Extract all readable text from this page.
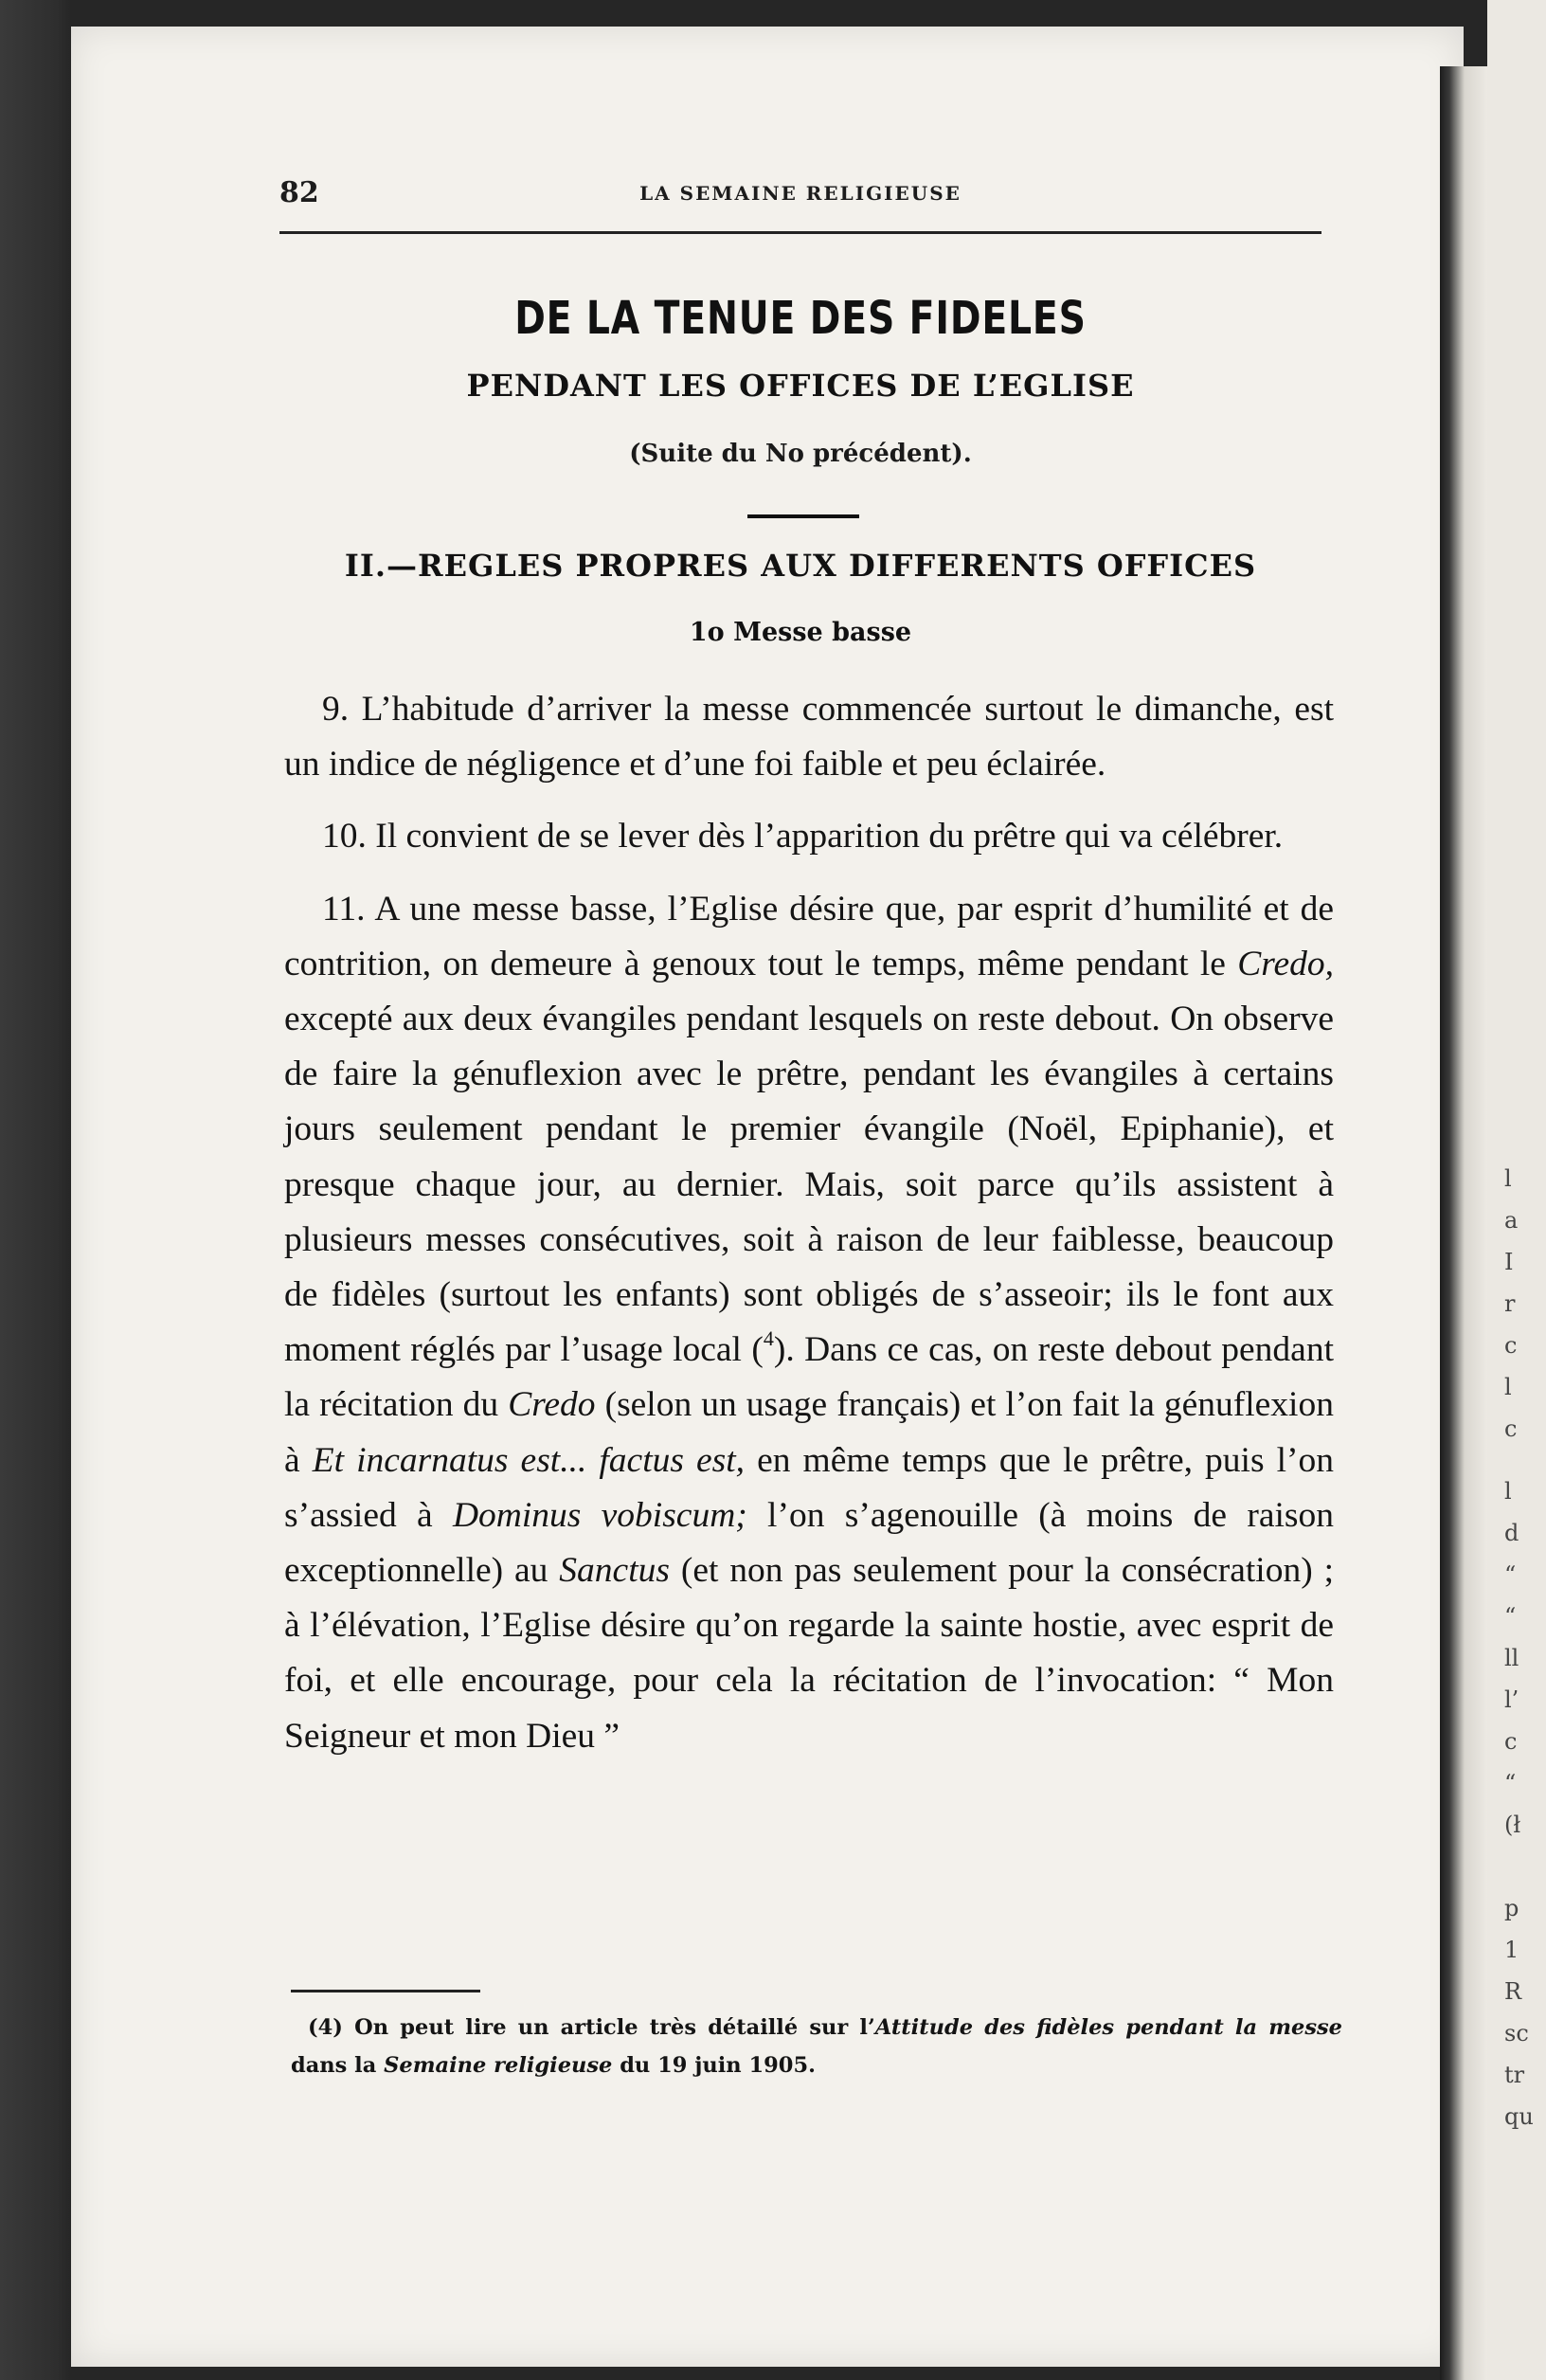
l
a
I
r
c
l
c
l
d
“
“
ll
l’
c
“
(ł
p
1
R
sc
tr
qu
82	LA SEMAINE RELIGIEUSE
DE LA TENUE DES FIDELES
PENDANT LES OFFICES DE L’EGLISE
(Suite du No précédent).
II.—REGLES PROPRES AUX DIFFERENTS OFFICES
1o Messe basse

9. L’habitude d’arriver la messe commencée surtout le dimanche, est un indice de négligence et d’une foi faible et peu éclairée.

10. Il convient de se lever dès l’apparition du prêtre qui va célébrer.

11. A une messe basse, l’Eglise désire que, par esprit d’humilité et de contrition, on demeure à genoux tout le temps, même pendant le Credo, excepté aux deux évangiles pendant lesquels on reste debout. On observe de faire la génuflexion avec le prêtre, pendant les évangiles à certains jours seulement pendant le premier évangile (Noël, Epiphanie), et presque chaque jour, au dernier. Mais, soit parce qu’ils assistent à plusieurs messes consécutives, soit à raison de leur faiblesse, beaucoup de fidèles (surtout les enfants) sont obligés de s’asseoir; ils le font aux moment réglés par l’usage local ($^4$). Dans ce cas, on reste debout pendant la récitation du Credo (selon un usage français) et l’on fait la génuflexion à Et incarnatus est... factus est, en même temps que le prêtre, puis l’on s’assied à Dominus vobiscum; l’on s’agenouille (à moins de raison exceptionnelle) au Sanctus (et non pas seulement pour la consécration) ; à l’élévation, l’Eglise désire qu’on regarde la sainte hostie, avec esprit de foi, et elle encourage, pour cela la récitation de l’invocation: “ Mon Seigneur et mon Dieu ”

(4) On peut lire un article très détaillé sur l’Attitude des fidèles pendant la messe dans la Semaine religieuse du 19 juin 1905.
